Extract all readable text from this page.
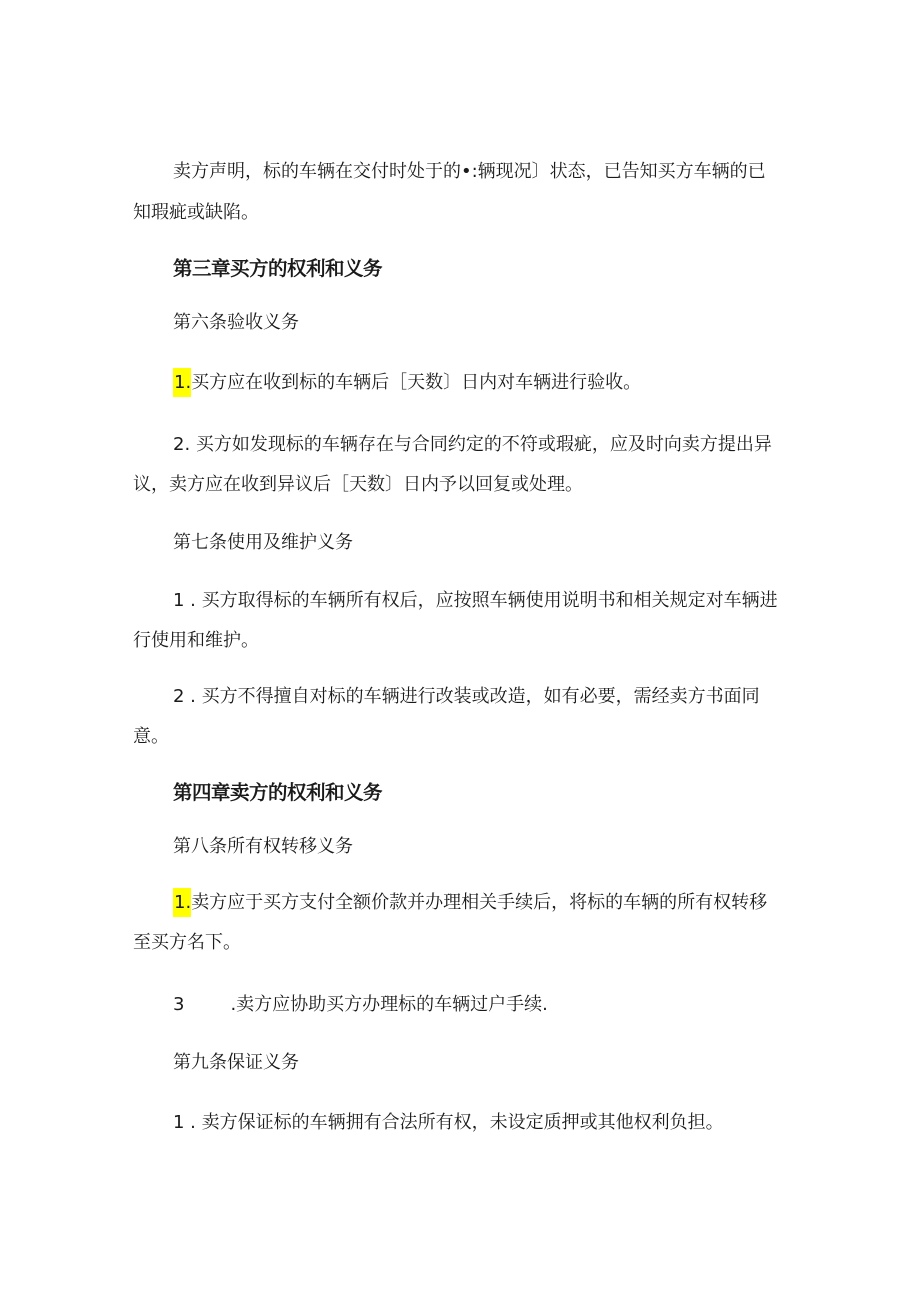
卖方声明，标的车辆在交付时处于的•:辆现况〕状态，已告知买方车辆的已
知瑕疵或缺陷。
第三章买方的权利和义务
第六条验收义务
1.买方应在收到标的车辆后［天数〕日内对车辆进行验收。
2. 买方如发现标的车辆存在与合同约定的不符或瑕疵，应及时向卖方提出异
议，卖方应在收到异议后［天数〕日内予以回复或处理。
第七条使用及维护义务
1 . 买方取得标的车辆所有权后，应按照车辆使用说明书和相关规定对车辆进
行使用和维护。
2 . 买方不得擅自对标的车辆进行改装或改造，如有必要，需经卖方书面同
意。
第四章卖方的权利和义务
第八条所有权转移义务
1.卖方应于买方支付全额价款并办理相关手续后，将标的车辆的所有权转移
至买方名下。
3	.卖方应协助买方办理标的车辆过户手续.
第九条保证义务
1 . 卖方保证标的车辆拥有合法所有权，未设定质押或其他权利负担。
